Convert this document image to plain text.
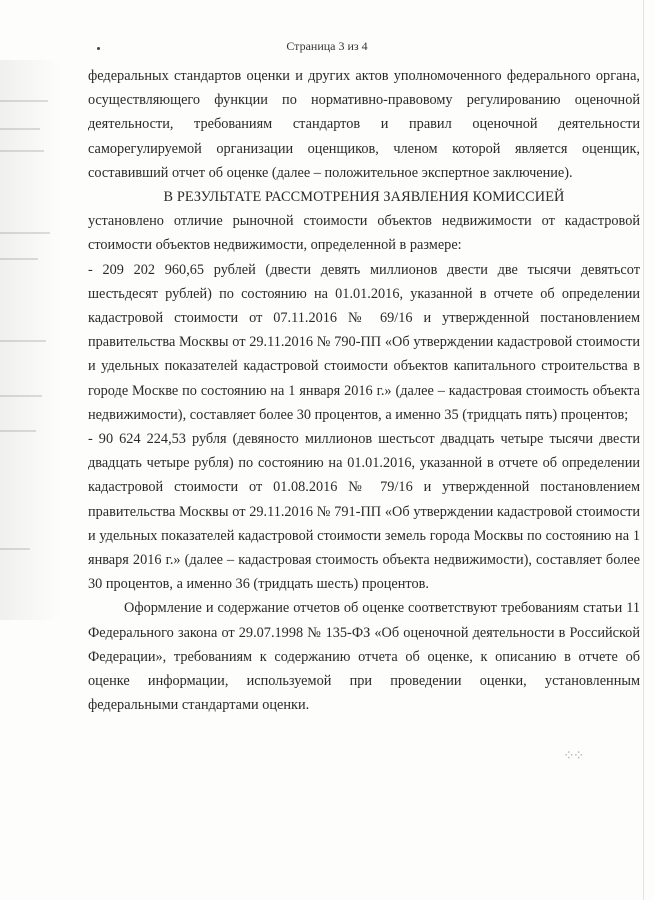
Страница 3 из 4

федеральных стандартов оценки и других актов уполномоченного федерального органа, осуществляющего функции по нормативно-правовому регулированию оценочной деятельности, требованиям стандартов и правил оценочной деятельности саморегулируемой организации оценщиков, членом которой является оценщик, составивший отчет об оценке (далее – положительное экспертное заключение).

В РЕЗУЛЬТАТЕ РАССМОТРЕНИЯ ЗАЯВЛЕНИЯ КОМИССИЕЙ

установлено отличие рыночной стоимости объектов недвижимости от кадастровой стоимости объектов недвижимости, определенной в размере:

- 209 202 960,65 рублей (двести девять миллионов двести две тысячи девятьсот шестьдесят рублей) по состоянию на 01.01.2016, указанной в отчете об определении кадастровой стоимости от 07.11.2016 № 69/16 и утвержденной постановлением правительства Москвы от 29.11.2016 № 790-ПП «Об утверждении кадастровой стоимости и удельных показателей кадастровой стоимости объектов капитального строительства в городе Москве по состоянию на 1 января 2016 г.» (далее – кадастровая стоимость объекта недвижимости), составляет более 30 процентов, а именно 35 (тридцать пять) процентов;

- 90 624 224,53 рубля (девяносто миллионов шестьсот двадцать четыре тысячи двести двадцать четыре рубля) по состоянию на 01.01.2016, указанной в отчете об определении кадастровой стоимости от 01.08.2016 № 79/16 и утвержденной постановлением правительства Москвы от 29.11.2016 № 791-ПП «Об утверждении кадастровой стоимости и удельных показателей кадастровой стоимости земель города Москвы по состоянию на 1 января 2016 г.» (далее – кадастровая стоимость объекта недвижимости), составляет более 30 процентов, а именно 36 (тридцать шесть) процентов.

Оформление и содержание отчетов об оценке соответствуют требованиям статьи 11 Федерального закона от 29.07.1998 № 135-ФЗ «Об оценочной деятельности в Российской Федерации», требованиям к содержанию отчета об оценке, к описанию в отчете об оценке информации, используемой при проведении оценки, установленным федеральными стандартами оценки.

⁘⁘
